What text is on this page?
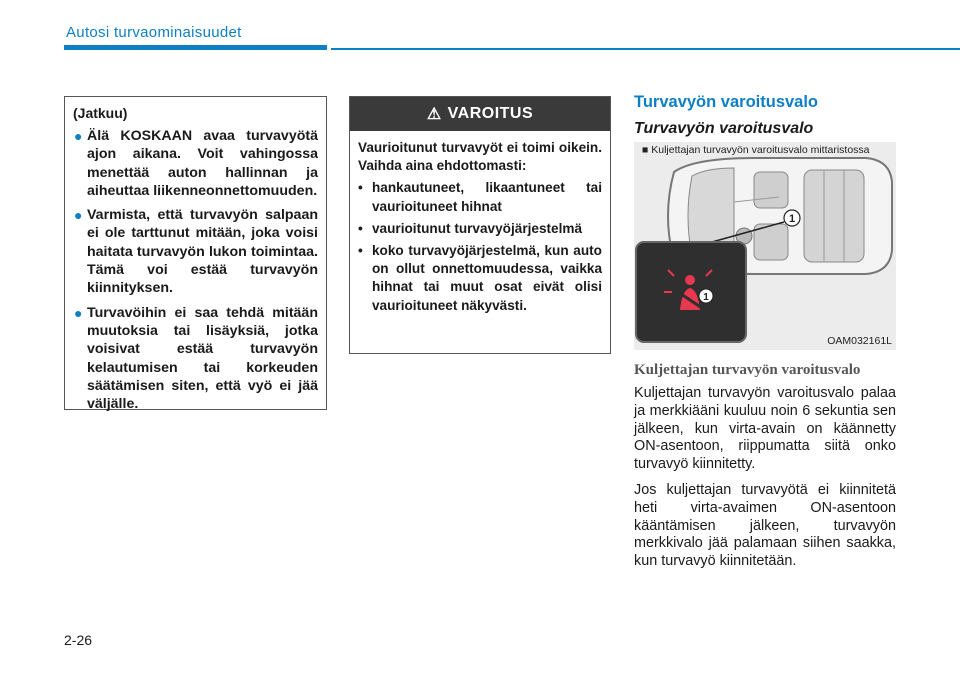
Autosi turvaominaisuudet

(Jatkuu)

● Älä KOSKAAN avaa turvavyötä ajon aikana. Voit vahingossa menettää auton hallinnan ja aiheuttaa liikenneonnettomuuden.
● Varmista, että turvavyön salpaan ei ole tarttunut mitään, joka voisi haitata turvavyön lukon toimintaa. Tämä voi estää turvavyön kiinnityksen.
● Turvavöihin ei saa tehdä mitään muutoksia tai lisäyksiä, jotka voisivat estää turvavyön kelautumisen tai korkeuden säätämisen siten, että vyö ei jää väljälle.
⚠ VAROITUS

Vaurioitunut turvavyöt ei toimi oikein. Vaihda aina ehdottomasti:

• hankautuneet, likaantuneet tai vaurioituneet hihnat
• vaurioitunut turvavyöjärjestelmä
• koko turvavyöjärjestelmä, kun auto on ollut onnettomuudessa, vaikka hihnat tai muut osat eivät olisi vaurioituneet näkyvästi.
Turvavyön varoitusvalo
Turvavyön varoitusvalo
■ Kuljettajan turvavyön varoitusvalo mittaristossa
1
1
OAM032161L
Kuljettajan turvavyön varoitusvalo

Kuljettajan turvavyön varoitusvalo palaa ja merkkiääni kuuluu noin 6 sekuntia sen jälkeen, kun virta-avain on käännetty ON-asentoon, riippumatta siitä onko turvavyö kiinnitetty.

Jos kuljettajan turvavyötä ei kiinnitetä heti virta-avaimen ON-asentoon kääntämisen jälkeen, turvavyön merkkivalo jää palamaan siihen saakka, kun turvavyö kiinnitetään.

2-26
